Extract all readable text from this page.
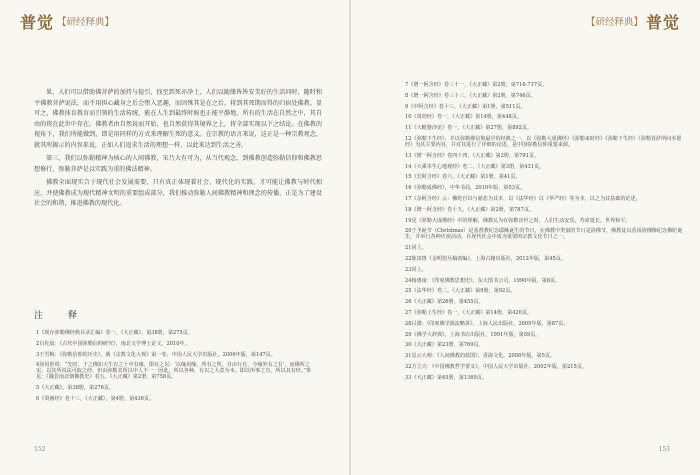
普觉 【研经释典】

果，人们可以借助佛菩萨的加持与提引，找至到死亦净土，人们以随缘皆皆安美好的生活同时，随时和平佛教菩萨说法，而不用担心藏身之后会堕入恶趣，而因殊其是在之后，将到其死期而得的归宿处佛教。显可之，佛教体育教育而引领的生活传统，能在人生到最终时候也正能平静地，所有的生活在自然之中，其自由的将在此世中存在。佛教者由自然说而开始，也自然获得其境界之上，将全部实现以下之结论。在佛教的视角下，我们所能做到，即是用同样的方式来理解生死的意义。在宗教的语言来说，这正是一种宗教观念，就其所揭示的内容来说，正如人们追求生活的理想一样，以此来达到生活之善。

第三，我们以弥勒精神为核心的人间佛教，宋乃大有可为，从当代观念、到佛教创造弥勒信仰和佛教思想修行，弥勒菩萨是以实践为重的佛法精神。

佛教全面现实合于现代社会发展需要，只有真正体现着社会，现代化的实践，才可能让佛教与时代相应，并使佛教成为现代精神文明的重要组成部分，我们推动弥勒人间佛教精神和理念的传播，正是为了建设社会的和谐，推进佛教的现代化。

注　释
1《现存弥勒佛经典目录汇编》卷一，《大正藏》，第38册，第275页。
2白化晨：《古代中国弥勒信仰研究》，南北文学博士论文，2010年。
3王雪梅：《弥勒信仰的历史》，载《宗教文化大观》第一卷，中国人民大学出版社，2006年版，第147页。
4汤用彤说：“先时，于之佛如大生有之十中有缘，即有之以：‘以缘用缘，所有之所，自由行有，今缘外有之有’，而佛所之实，以其所说法可取之经。但由弥勒其所以中人不一一因此，所以各种，有以之大意为本，即以所事之有，所以其有经。”参见：《魏晋南北朝佛教史》卷五，《大正藏》第2册，第758页。
5《大正藏》，第38册，第276页。
6《贤愚经》卷十三，《大正藏》，第4册，第436页。
152
【研经释典】 普觉
7《增一阿含经》卷三十一，《大正藏》第2册，第716-717页。
8《增一阿含经》卷三十三，《大正藏》第2册，第746页。
9《中阿含经》卷十三，《大正藏》第1册，第511页。
10《贤劫经》卷一，《大正藏》第14册，第448页。
11《大毗婆沙论》卷一，《大正藏》第27册，第892页。
12《弥勒下生经》，并以弥勒佛信仰最早的经典之一，以《弥勒大成佛经》《弥勒来时经》《弥勒下生经》《弥勒菩萨所问本愿经》为其主要内容，并对其进行了详细的论述，是中国弥勒信仰重要来源。
13《增一阿含经》卷四十四，《大正藏》第2册，第791页。
14《大乘本生心地观经》卷二，《大正藏》第3册，第431页。
15《长阿含经》卷六，《大正藏》第1册，第41页。
16《弥勒成佛经》，中华书局，2010年版，第53页。
17《杂阿含经》云：佛陀自以与慈悲为其本，以《法华经》以《华严经》等为本，以之为其基础的论述。
18《增一阿含经》卷十九，《大正藏》第2册，第787页。
19见《弥勒大成佛经》中的理解，佛教认为在弥勒出世之时，人们生活安乐，寿命延长，世界和平。
20于圣诞节（Christmas）是基督教纪念耶稣诞生的节日，在佛教中类似的节日是浴佛节，佛教徒以香汤浴佛像纪念佛陀诞生，并举行各种庆祝活动，在现代社会中成为重要的宗教文化节日之一。
21同上。
22陈寅恪《金明馆丛稿初编》，上海古籍出版社，2012年版，第45页。
23同上。
24杨惠南：《印度佛教思想史》，东大图书公司，1990年版，第8页。
25《法华经》卷二，《大正藏》第9册，第92页。
26《大正藏》第26册，第455页。
27《弥勒上生经》卷一，《大正藏》第14册，第420页。
28吕澂：《印度佛学源流略讲》，上海人民出版社，2005年版，第87页。
29《佛学大辞典》，上海书店出版社，1991年版，第59页。
30《大正藏》第23册，第769页。
31星云大师：《人间佛教的蓝图》，香海文化，2008年版，第5页。
32方立天：《中国佛教哲学要义》，中国人民大学出版社，2002年版，第215页。
33《大正藏》第45册，第1369页。
153
